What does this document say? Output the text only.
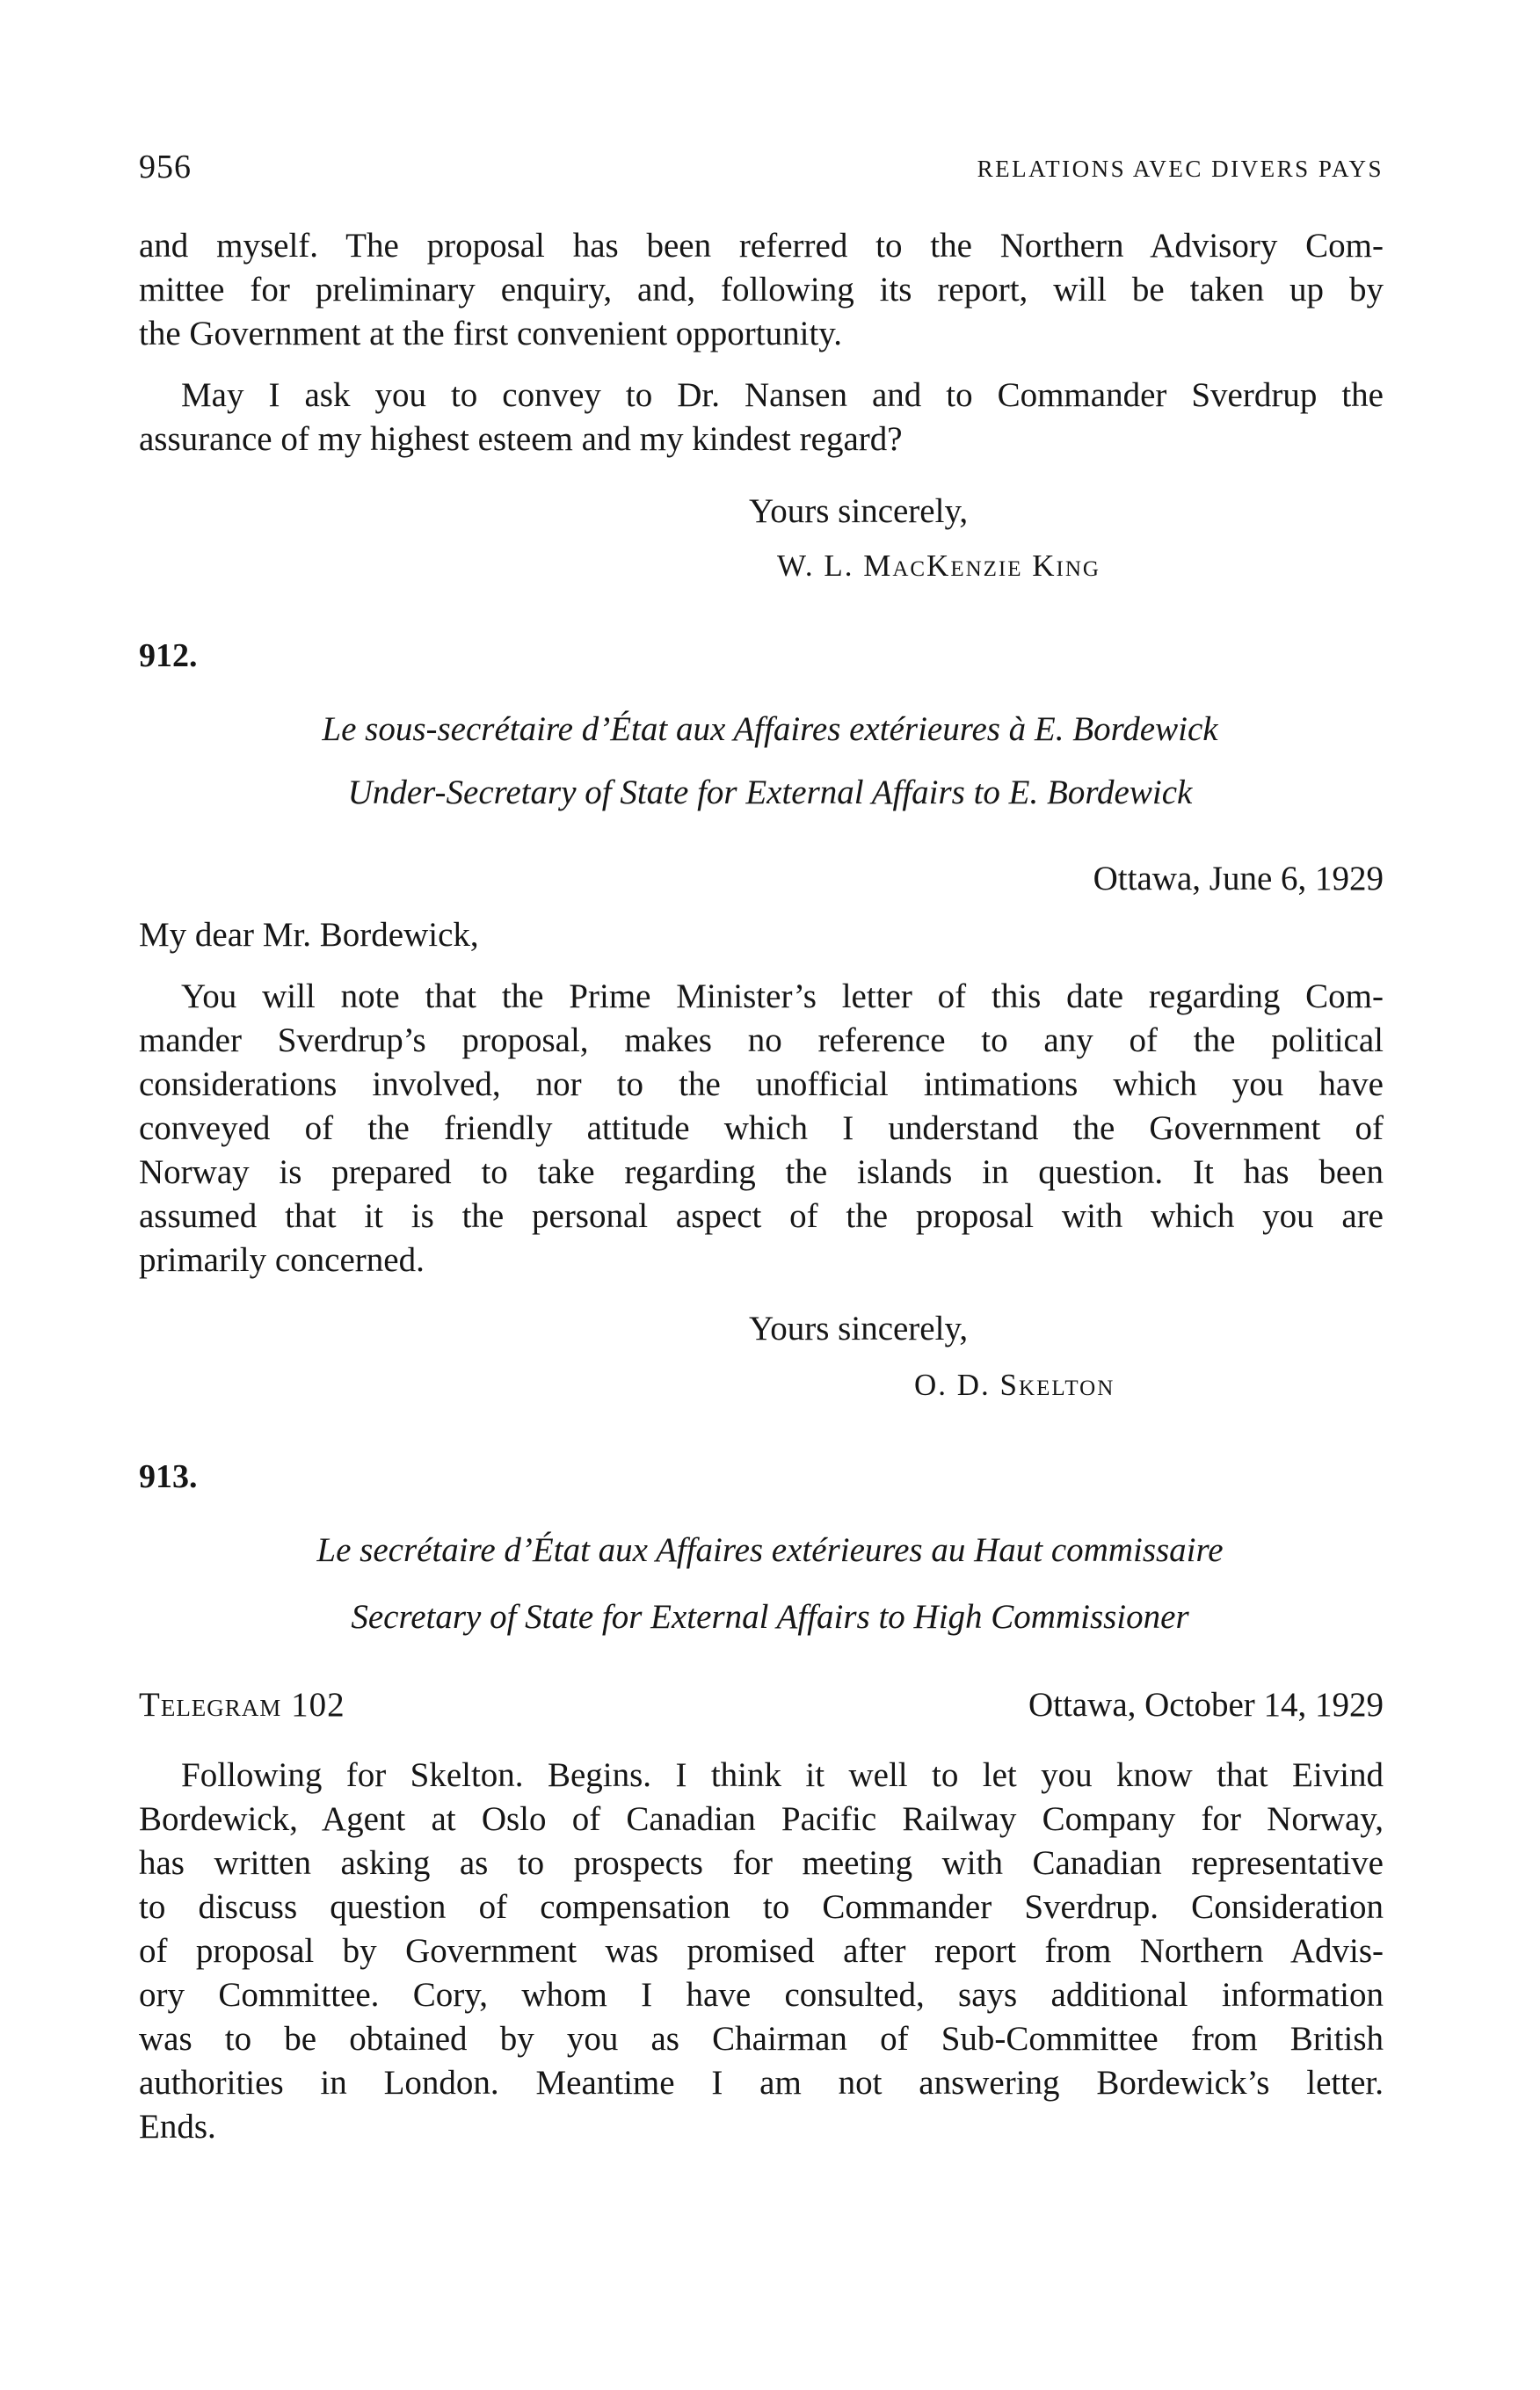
956	RELATIONS AVEC DIVERS PAYS
and myself. The proposal has been referred to the Northern Advisory Com-
mittee for preliminary enquiry, and, following its report, will be taken up by
the Government at the first convenient opportunity.
May I ask you to convey to Dr. Nansen and to Commander Sverdrup the
assurance of my highest esteem and my kindest regard?
Yours sincerely,
W. L. MacKenzie King
912.
Le sous-secrétaire d’État aux Affaires extérieures à E. Bordewick
Under-Secretary of State for External Affairs to E. Bordewick
Ottawa, June 6, 1929
My dear Mr. Bordewick,
You will note that the Prime Minister’s letter of this date regarding Com-
mander Sverdrup’s proposal, makes no reference to any of the political
considerations involved, nor to the unofficial intimations which you have
conveyed of the friendly attitude which I understand the Government of
Norway is prepared to take regarding the islands in question. It has been
assumed that it is the personal aspect of the proposal with which you are
primarily concerned.
Yours sincerely,
O. D. Skelton
913.
Le secrétaire d’État aux Affaires extérieures au Haut commissaire
Secretary of State for External Affairs to High Commissioner
Telegram 102	Ottawa, October 14, 1929
Following for Skelton. Begins. I think it well to let you know that Eivind
Bordewick, Agent at Oslo of Canadian Pacific Railway Company for Norway,
has written asking as to prospects for meeting with Canadian representative
to discuss question of compensation to Commander Sverdrup. Consideration
of proposal by Government was promised after report from Northern Advis-
ory Committee. Cory, whom I have consulted, says additional information
was to be obtained by you as Chairman of Sub-Committee from British
authorities in London. Meantime I am not answering Bordewick’s letter.
Ends.
